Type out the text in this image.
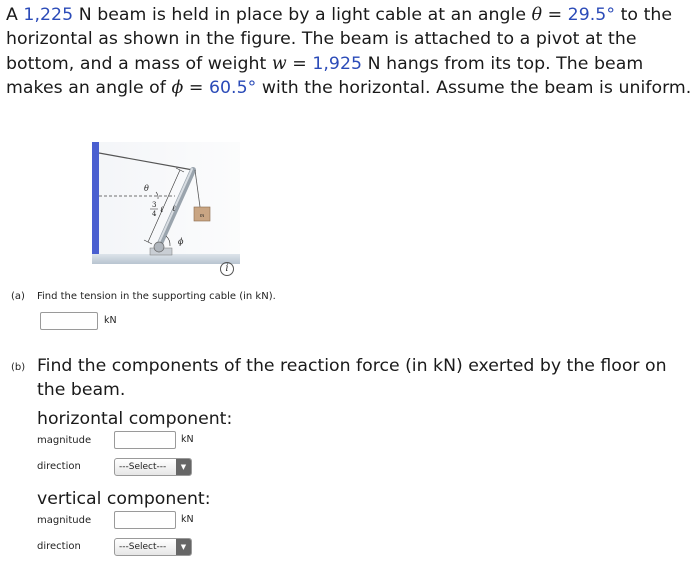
A 1,225 N beam is held in place by a light cable at an angle θ = 29.5° to the horizontal as shown in the figure. The beam is attached to a pivot at the bottom, and a mass of weight w = 1,925 N hangs from its top. The beam makes an angle of ϕ = 60.5° with the horizontal. Assume the beam is uniform.
m
θ
3
4 ℓ ℓ
ϕ
i
(a) Find the tension in the supporting cable (in kN).
kN
(b) Find the components of the reaction force (in kN) exerted by the floor on the beam.
horizontal component:
magnitude	kN
direction	---Select---	▼
vertical component:
magnitude	kN
direction	---Select---	▼
